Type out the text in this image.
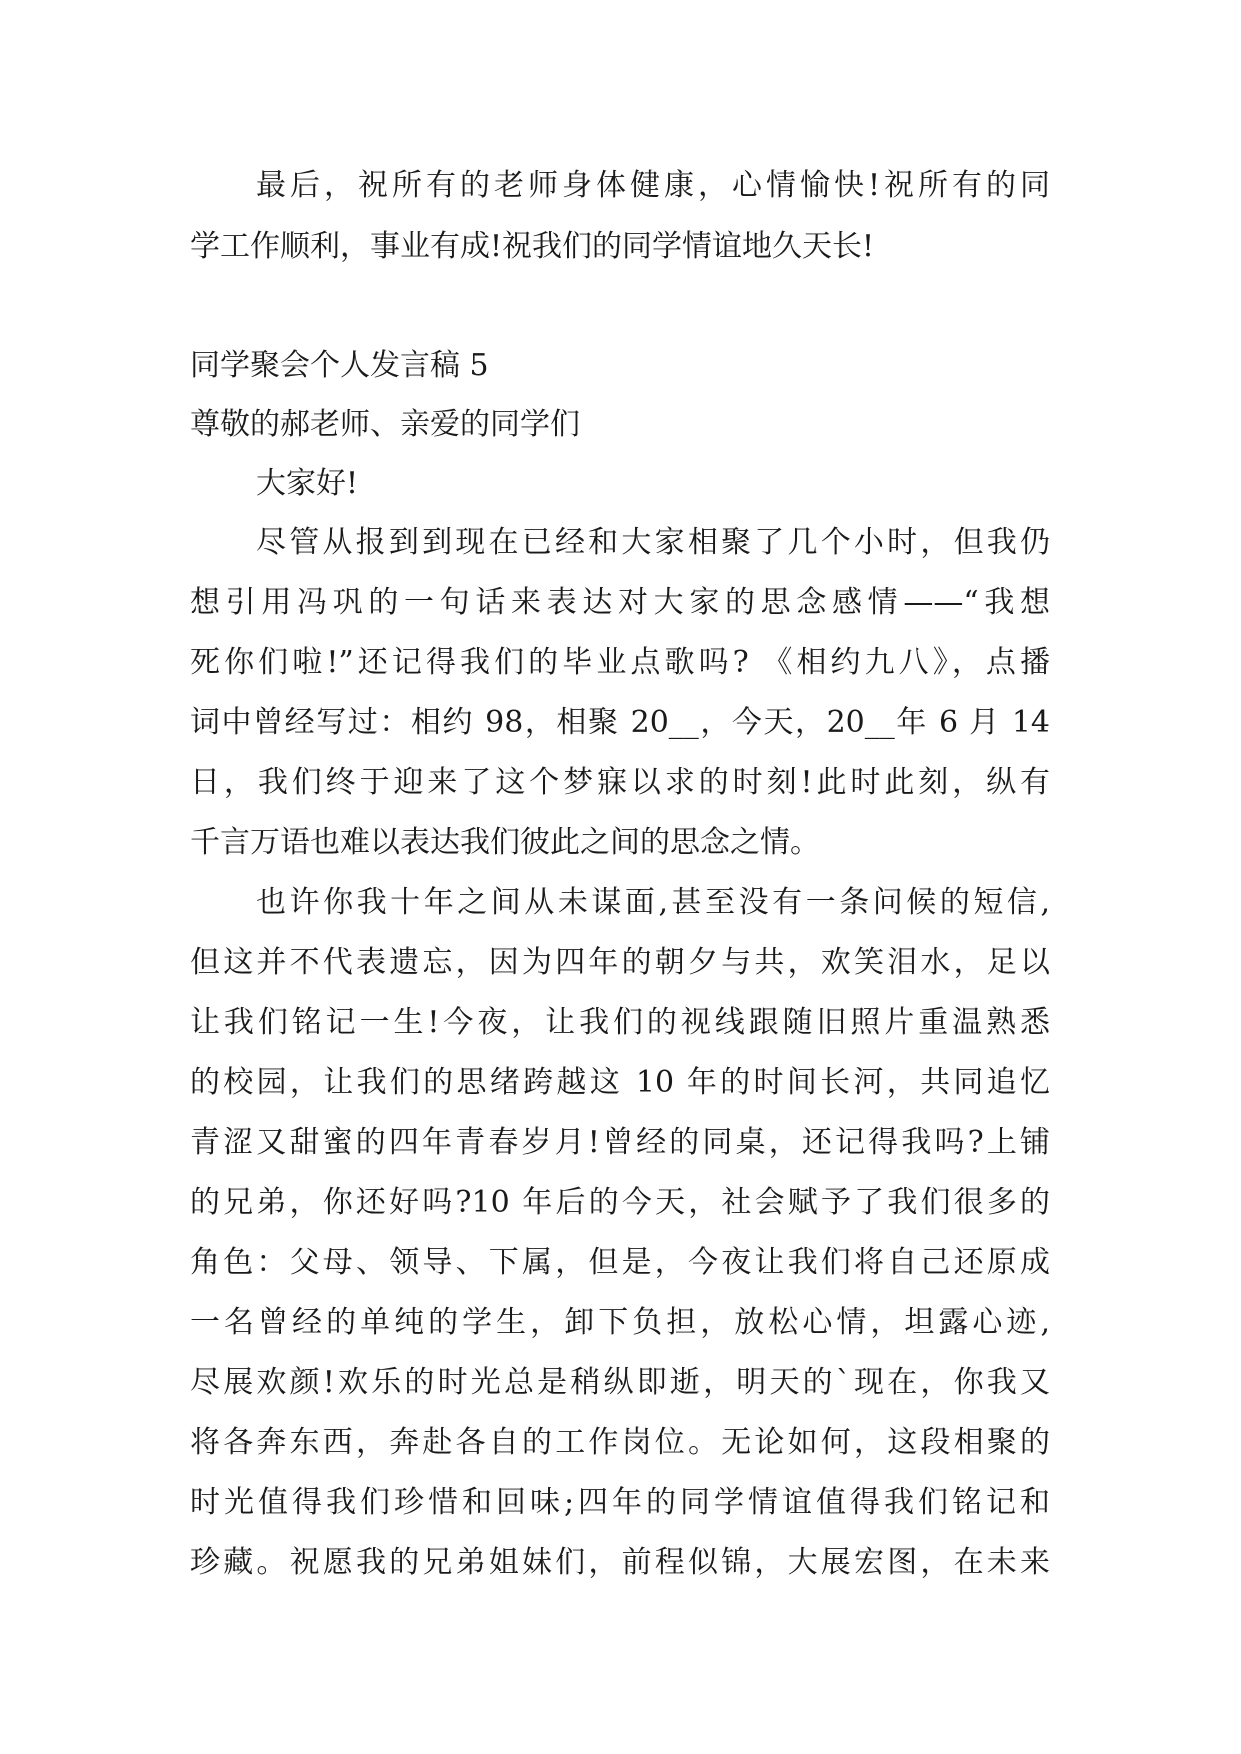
最后，祝所有的老师身体健康，心情愉快!祝所有的同
学工作顺利，事业有成!祝我们的同学情谊地久天长!
同学聚会个人发言稿 5
尊敬的郝老师、亲爱的同学们
大家好!
尽管从报到到现在已经和大家相聚了几个小时，但我仍
想引用冯巩的一句话来表达对大家的思念感情——“我想
死你们啦!”还记得我们的毕业点歌吗? 《相约九八》，点播
词中曾经写过：相约 98，相聚 20__，今天，20__年 6 月 14
日，我们终于迎来了这个梦寐以求的时刻!此时此刻，纵有
千言万语也难以表达我们彼此之间的思念之情。
也许你我十年之间从未谋面,甚至没有一条问候的短信,
但这并不代表遗忘，因为四年的朝夕与共，欢笑泪水，足以
让我们铭记一生!今夜，让我们的视线跟随旧照片重温熟悉
的校园，让我们的思绪跨越这 10 年的时间长河，共同追忆
青涩又甜蜜的四年青春岁月!曾经的同桌，还记得我吗?上铺
的兄弟，你还好吗?10 年后的今天，社会赋予了我们很多的
角色：父母、领导、下属，但是，今夜让我们将自己还原成
一名曾经的单纯的学生，卸下负担，放松心情，坦露心迹,
尽展欢颜!欢乐的时光总是稍纵即逝，明天的`现在，你我又
将各奔东西，奔赴各自的工作岗位。无论如何，这段相聚的
时光值得我们珍惜和回味;四年的同学情谊值得我们铭记和
珍藏。祝愿我的兄弟姐妹们，前程似锦，大展宏图，在未来
